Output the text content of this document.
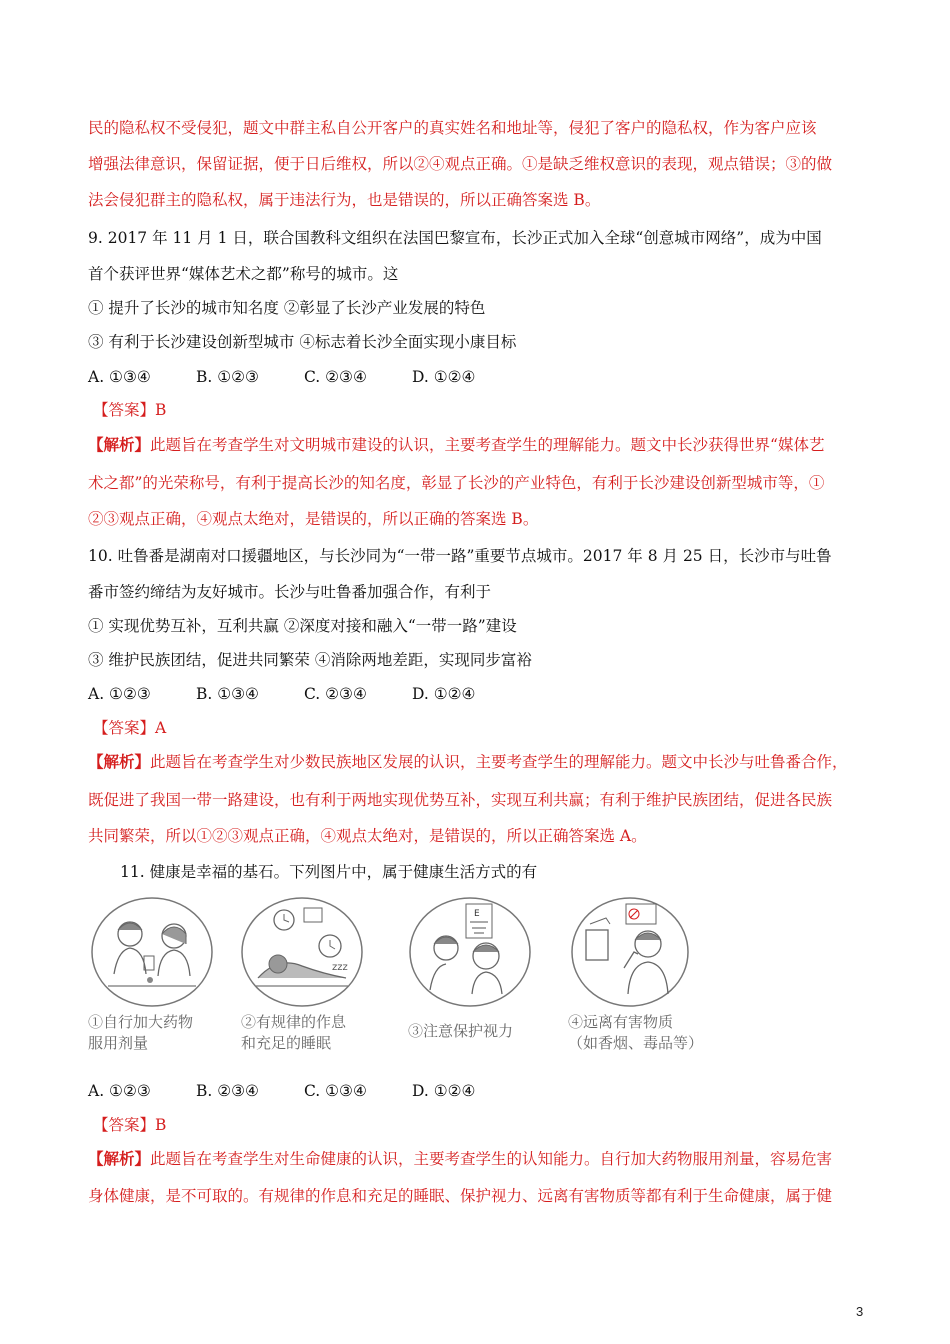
民的隐私权不受侵犯，题文中群主私自公开客户的真实姓名和地址等，侵犯了客户的隐私权，作为客户应该
增强法律意识，保留证据，便于日后维权，所以②④观点正确。①是缺乏维权意识的表现，观点错误；③的做
法会侵犯群主的隐私权，属于违法行为，也是错误的，所以正确答案选 B。
9. 2017 年 11 月 1 日，联合国教科文组织在法国巴黎宣布，长沙正式加入全球“创意城市网络”，成为中国
首个获评世界“媒体艺术之都”称号的城市。这
① 提升了长沙的城市知名度 ②彰显了长沙产业发展的特色
③ 有利于长沙建设创新型城市 ④标志着长沙全面实现小康目标
A. ①③④	B. ①②③	C. ②③④	D. ①②④
【答案】B
【解析】此题旨在考查学生对文明城市建设的认识，主要考查学生的理解能力。题文中长沙获得世界“媒体艺
术之都”的光荣称号，有利于提高长沙的知名度，彰显了长沙的产业特色，有利于长沙建设创新型城市等，①
②③观点正确，④观点太绝对，是错误的，所以正确的答案选 B。
10. 吐鲁番是湖南对口援疆地区，与长沙同为“一带一路”重要节点城市。2017 年 8 月 25 日，长沙市与吐鲁
番市签约缔结为友好城市。长沙与吐鲁番加强合作，有利于
① 实现优势互补，互利共赢 ②深度对接和融入“一带一路”建设
③ 维护民族团结，促进共同繁荣 ④消除两地差距，实现同步富裕
A. ①②③	B. ①③④	C. ②③④	D. ①②④
【答案】A
【解析】此题旨在考查学生对少数民族地区发展的认识，主要考查学生的理解能力。题文中长沙与吐鲁番合作，
既促进了我国一带一路建设，也有利于两地实现优势互补，实现互利共赢；有利于维护民族团结，促进各民族
共同繁荣，所以①②③观点正确，④观点太绝对，是错误的，所以正确答案选 A。
11. 健康是幸福的基石。下列图片中，属于健康生活方式的有
zzz
E
①自行加大药物
服用剂量
②有规律的作息
和充足的睡眠
③注意保护视力	④远离有害物质
（如香烟、毒品等）
A. ①②③	B. ②③④	C. ①③④	D. ①②④
【答案】B
【解析】此题旨在考查学生对生命健康的认识，主要考查学生的认知能力。自行加大药物服用剂量，容易危害
身体健康，是不可取的。有规律的作息和充足的睡眠、保护视力、远离有害物质等都有利于生命健康，属于健
3
